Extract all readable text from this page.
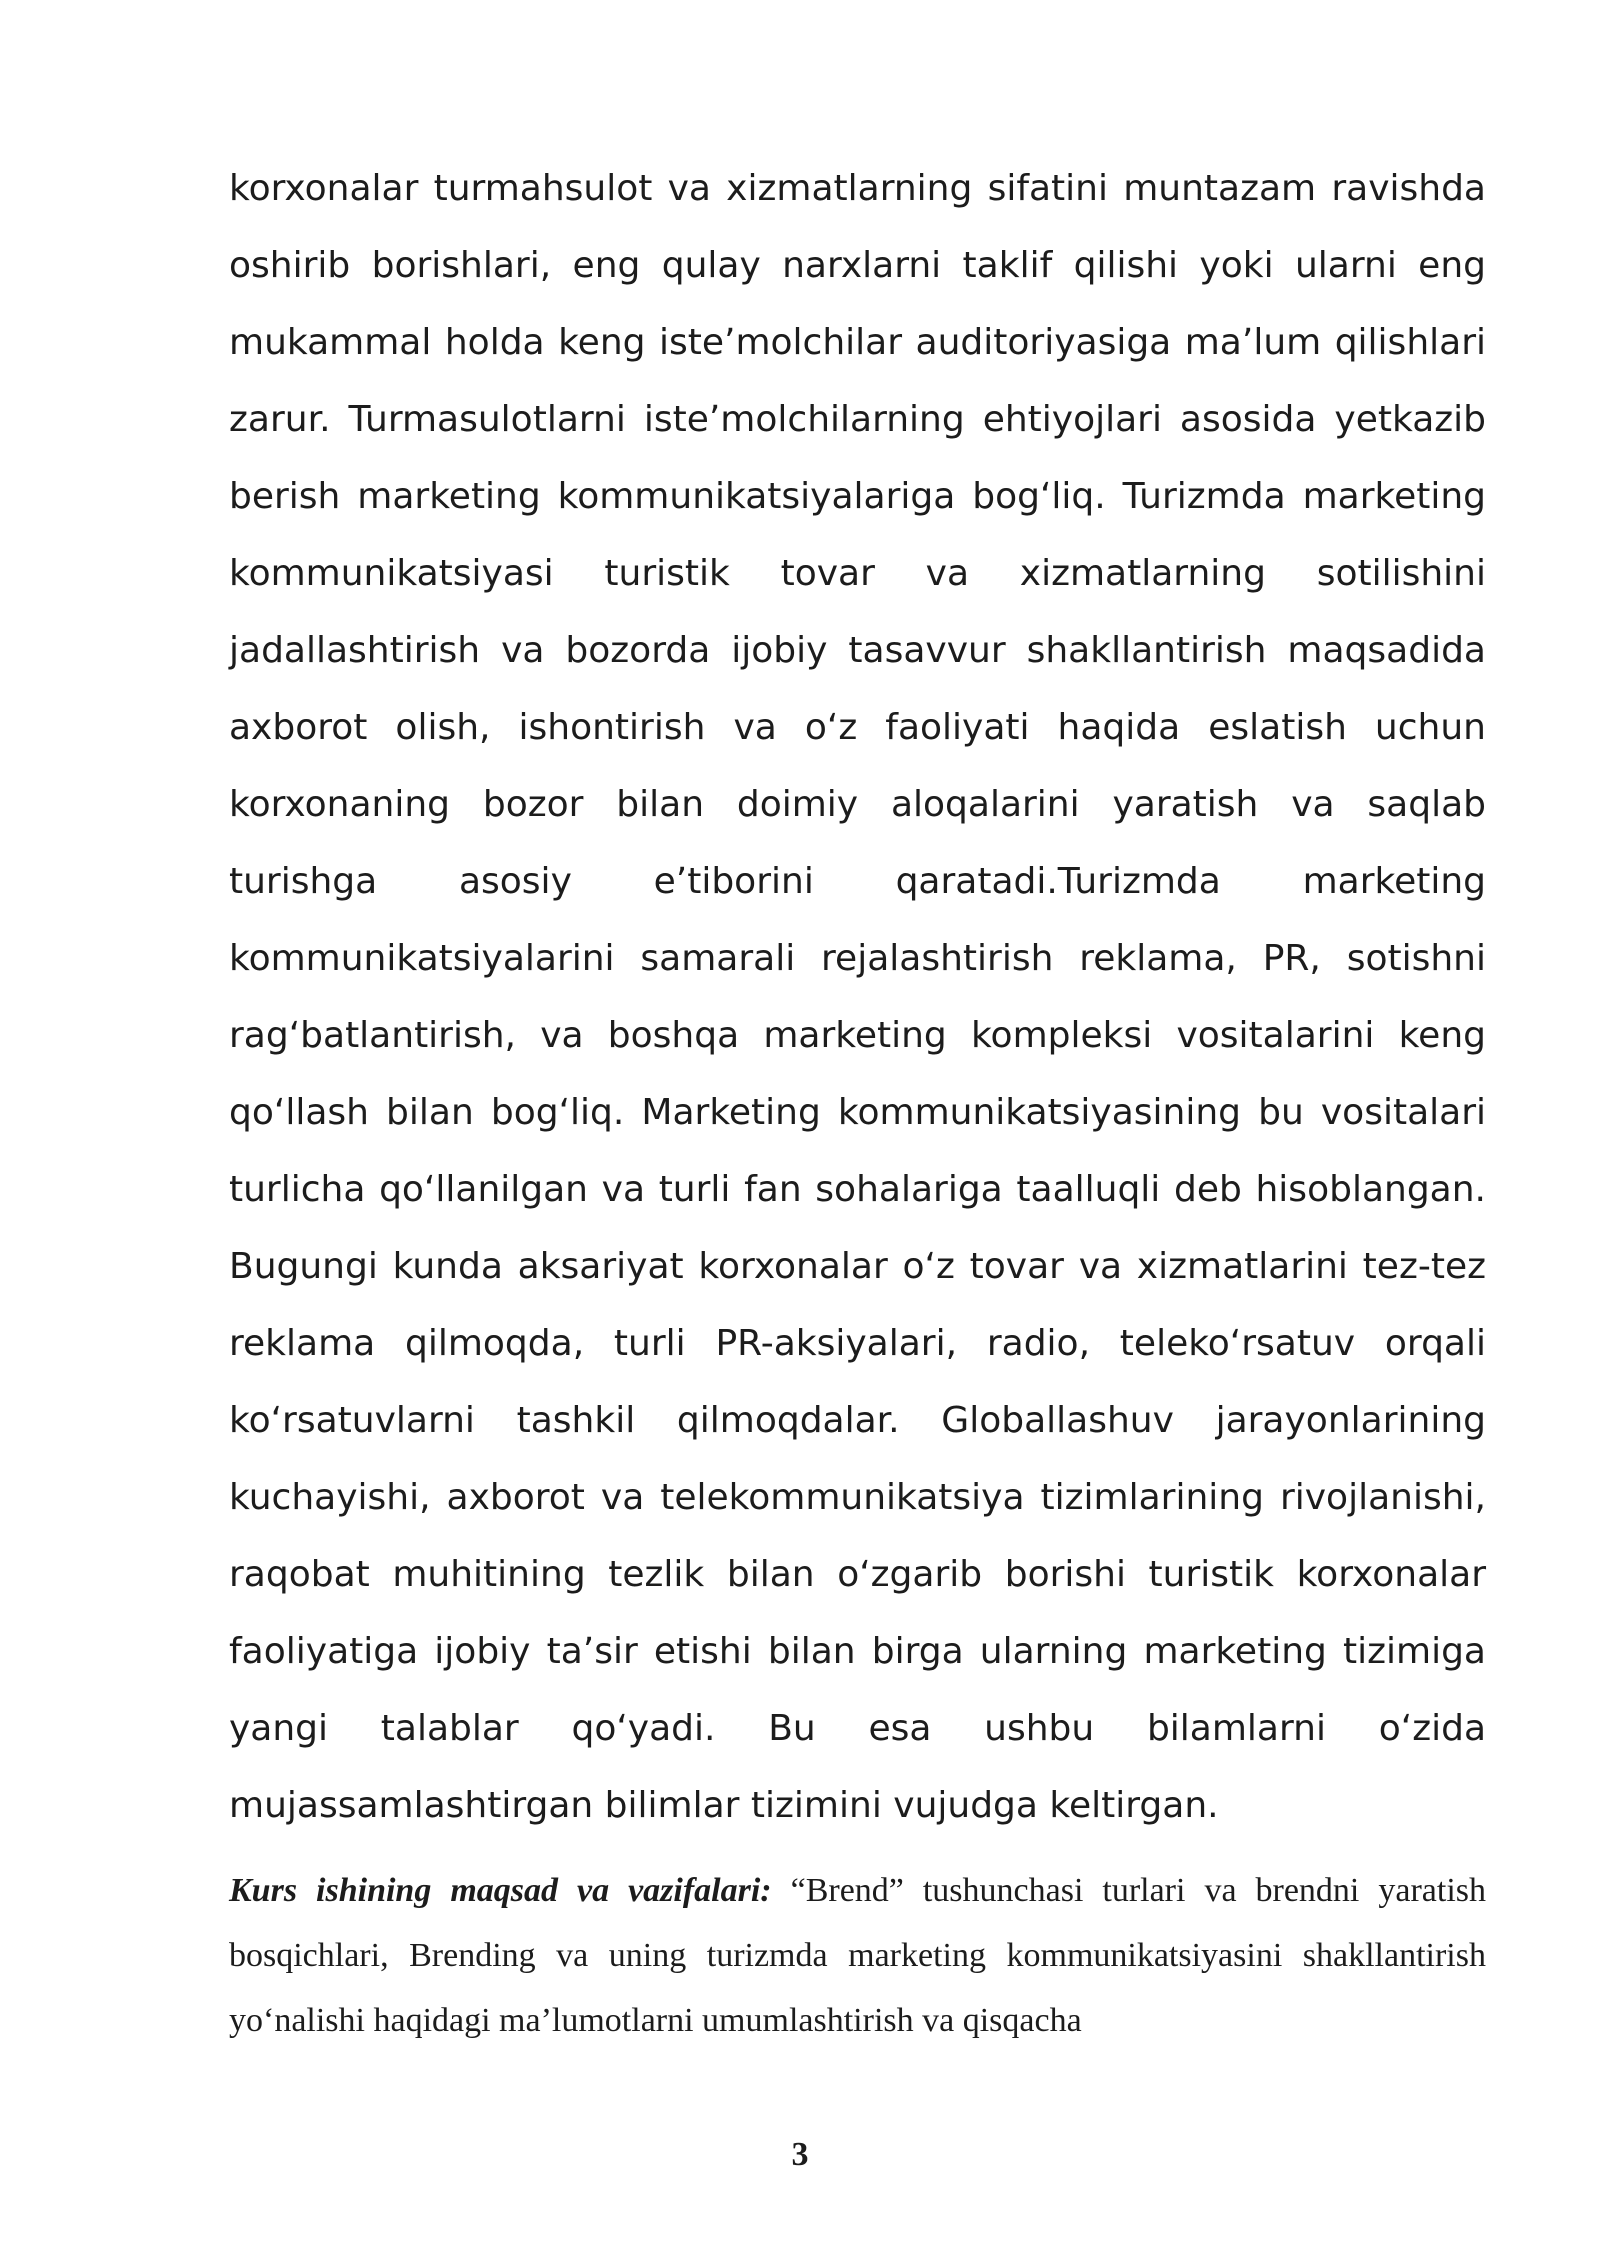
korxonalar turmahsulot va xizmatlarning sifatini muntazam ravishda oshirib borishlari, eng qulay narxlarni taklif qilishi yoki ularni eng mukammal holda keng iste’molchilar auditoriyasiga ma’lum qilishlari zarur. Turmasulotlarni iste’molchilarning ehtiyojlari asosida yetkazib berish marketing kommunikatsiyalariga bog‘liq. Turizmda marketing kommunikatsiyasi turistik tovar va xizmatlarning sotilishini jadallashtirish va bozorda ijobiy tasavvur shakllantirish maqsadida axborot olish, ishontirish va o‘z faoliyati haqida eslatish uchun korxonaning bozor bilan doimiy aloqalarini yaratish va saqlab turishga asosiy e’tiborini qaratadi.Turizmda marketing kommunikatsiyalarini samarali rejalashtirish reklama, PR, sotishni rag‘batlantirish, va boshqa marketing kompleksi vositalarini keng qo‘llash bilan bog‘liq. Marketing kommunikatsiyasining bu vositalari turlicha qo‘llanilgan va turli fan sohalariga taalluqli deb hisoblangan. Bugungi kunda aksariyat korxonalar o‘z tovar va xizmatlarini tez-tez reklama qilmoqda, turli PR-aksiyalari, radio, teleko‘rsatuv orqali ko‘rsatuvlarni tashkil qilmoqdalar. Globallashuv jarayonlarining kuchayishi, axborot va telekommunikatsiya tizimlarining rivojlanishi, raqobat muhitining tezlik bilan o‘zgarib borishi turistik korxonalar faoliyatiga ijobiy ta’sir etishi bilan birga ularning marketing tizimiga yangi talablar qo‘yadi. Bu esa ushbu bilamlarni o‘zida mujassamlashtirgan bilimlar tizimini vujudga keltirgan.

Kurs ishining maqsad va vazifalari: “Brend” tushunchasi turlari va brendni yaratish bosqichlari, Brending va uning turizmda marketing kommunikatsiyasini shakllantirish yo‘nalishi haqidagi ma’lumotlarni umumlashtirish va qisqacha

3
